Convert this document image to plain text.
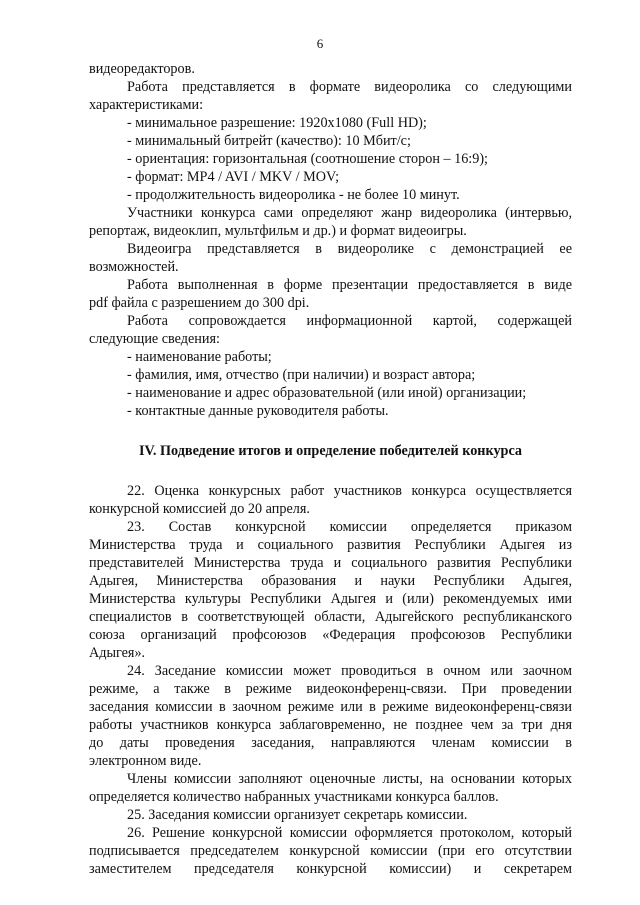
6
видеоредакторов.
Работа представляется в формате видеоролика со следующими
характеристиками:
- минимальное разрешение: 1920х1080 (Full HD);
- минимальный битрейт (качество): 10 Мбит/с;
- ориентация: горизонтальная (соотношение сторон – 16:9);
- формат: MP4 / AVI / MKV / MOV;
- продолжительность видеоролика - не более 10 минут.
Участники конкурса сами определяют жанр видеоролика (интервью,
репортаж, видеоклип, мультфильм и др.) и формат видеоигры.
Видеоигра представляется в видеоролике с демонстрацией ее
возможностей.
Работа выполненная в форме презентации предоставляется в виде
pdf файла с разрешением до 300 dpi.
Работа сопровождается информационной картой, содержащей
следующие сведения:
- наименование работы;
- фамилия, имя, отчество (при наличии) и возраст автора;
- наименование и адрес образовательной (или иной) организации;
- контактные данные руководителя работы.
IV. Подведение итогов и определение победителей конкурса
22. Оценка конкурсных работ участников конкурса осуществляется
конкурсной комиссией до 20 апреля.
23. Состав конкурсной комиссии определяется приказом
Министерства труда и социального развития Республики Адыгея из
представителей Министерства труда и социального развития Республики
Адыгея, Министерства образования и науки Республики Адыгея,
Министерства культуры Республики Адыгея и (или) рекомендуемых ими
специалистов в соответствующей области, Адыгейского республиканского
союза организаций профсоюзов «Федерация профсоюзов Республики
Адыгея».
24. Заседание комиссии может проводиться в очном или заочном
режиме, а также в режиме видеоконференц-связи. При проведении
заседания комиссии в заочном режиме или в режиме видеоконференц-связи
работы участников конкурса заблаговременно, не позднее чем за три дня
до даты проведения заседания, направляются членам комиссии в
электронном виде.
Члены комиссии заполняют оценочные листы, на основании которых
определяется количество набранных участниками конкурса баллов.
25. Заседания комиссии организует секретарь комиссии.
26. Решение конкурсной комиссии оформляется протоколом, который
подписывается председателем конкурсной комиссии (при его отсутствии
заместителем председателя конкурсной комиссии) и секретарем
